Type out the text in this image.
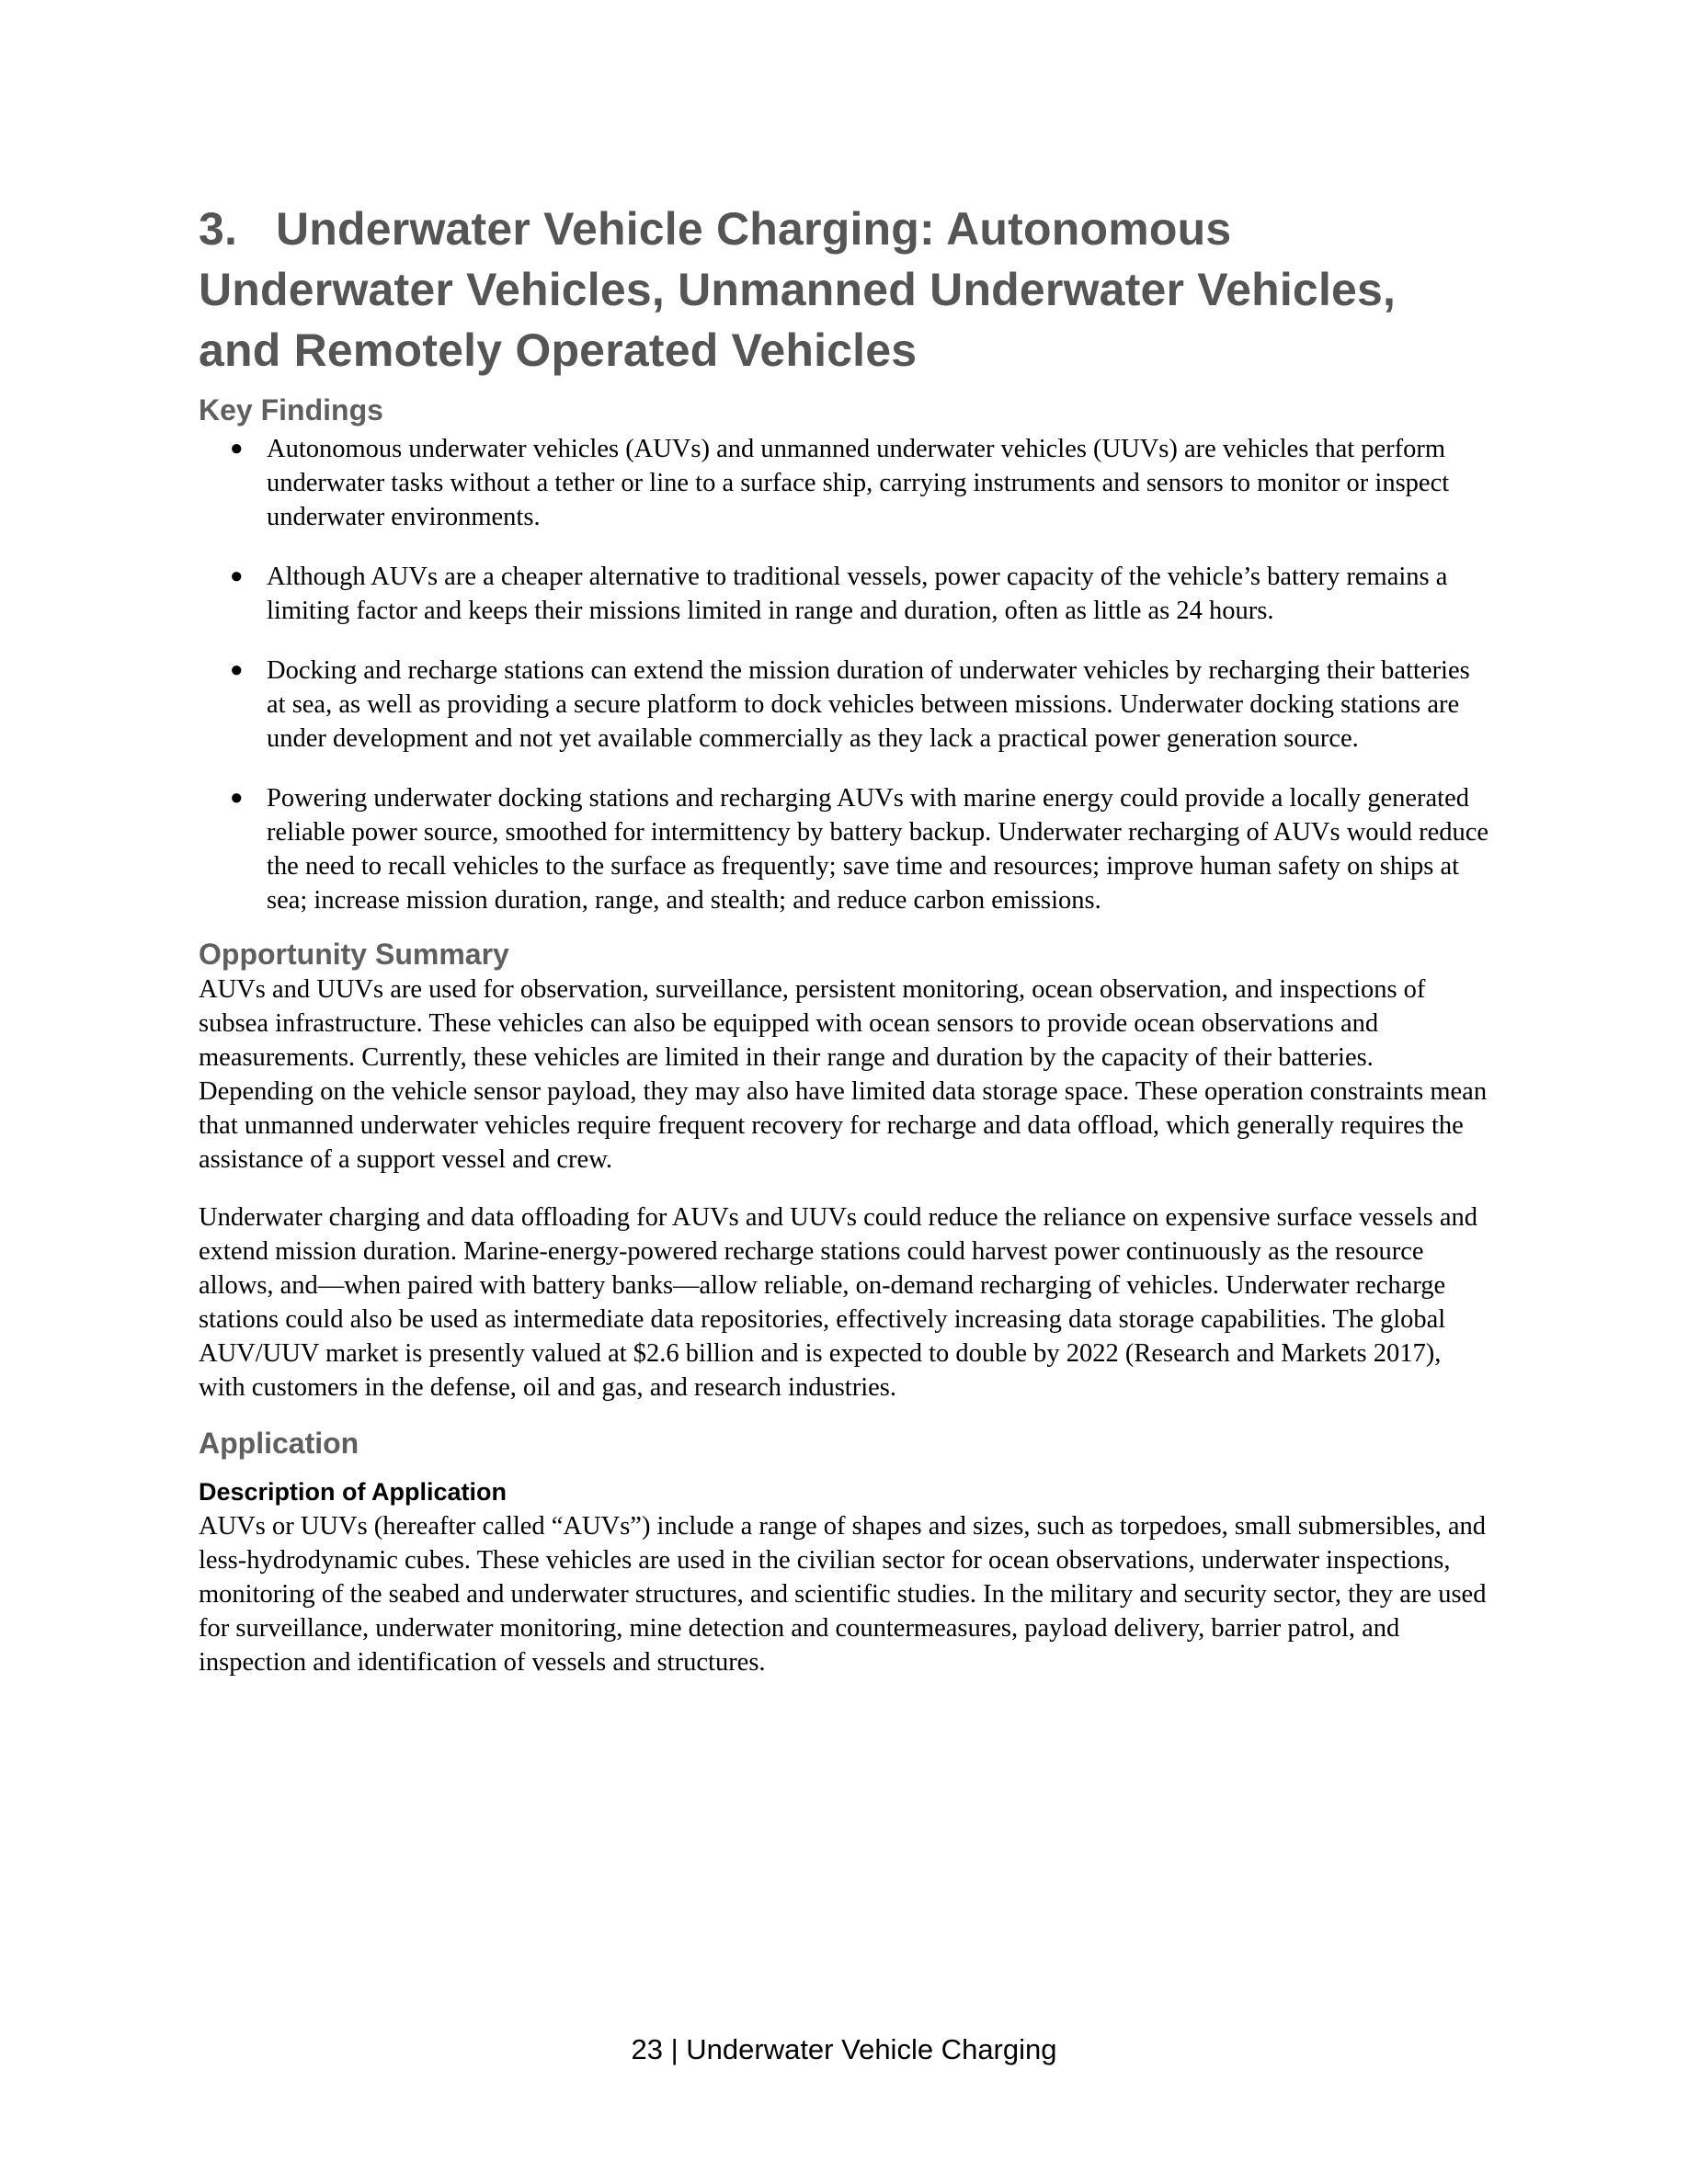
3. Underwater Vehicle Charging: Autonomous
Underwater Vehicles, Unmanned Underwater Vehicles,
and Remotely Operated Vehicles
Key Findings
● Autonomous underwater vehicles (AUVs) and unmanned underwater vehicles (UUVs) are vehicles that perform underwater tasks without a tether or line to a surface ship, carrying instruments and sensors to monitor or inspect underwater environments.
● Although AUVs are a cheaper alternative to traditional vessels, power capacity of the vehicle’s battery remains a limiting factor and keeps their missions limited in range and duration, often as little as 24 hours.
● Docking and recharge stations can extend the mission duration of underwater vehicles by recharging their batteries at sea, as well as providing a secure platform to dock vehicles between missions. Underwater docking stations are under development and not yet available commercially as they lack a practical power generation source.
● Powering underwater docking stations and recharging AUVs with marine energy could provide a locally generated reliable power source, smoothed for intermittency by battery backup. Underwater recharging of AUVs would reduce the need to recall vehicles to the surface as frequently; save time and resources; improve human safety on ships at sea; increase mission duration, range, and stealth; and reduce carbon emissions.
Opportunity Summary

AUVs and UUVs are used for observation, surveillance, persistent monitoring, ocean observation, and inspections of subsea infrastructure. These vehicles can also be equipped with ocean sensors to provide ocean observations and measurements. Currently, these vehicles are limited in their range and duration by the capacity of their batteries. Depending on the vehicle sensor payload, they may also have limited data storage space. These operation constraints mean that unmanned underwater vehicles require frequent recovery for recharge and data offload, which generally requires the assistance of a support vessel and crew.

Underwater charging and data offloading for AUVs and UUVs could reduce the reliance on expensive surface vessels and extend mission duration. Marine-energy-powered recharge stations could harvest power continuously as the resource allows, and—when paired with battery banks—allow reliable, on-demand recharging of vehicles. Underwater recharge stations could also be used as intermediate data repositories, effectively increasing data storage capabilities. The global AUV/UUV market is presently valued at $2.6 billion and is expected to double by 2022 (Research and Markets 2017), with customers in the defense, oil and gas, and research industries.

Application
Description of Application

AUVs or UUVs (hereafter called “AUVs”) include a range of shapes and sizes, such as torpedoes, small submersibles, and less-hydrodynamic cubes. These vehicles are used in the civilian sector for ocean observations, underwater inspections, monitoring of the seabed and underwater structures, and scientific studies. In the military and security sector, they are used for surveillance, underwater monitoring, mine detection and countermeasures, payload delivery, barrier patrol, and inspection and identification of vessels and structures.

23 | Underwater Vehicle Charging
